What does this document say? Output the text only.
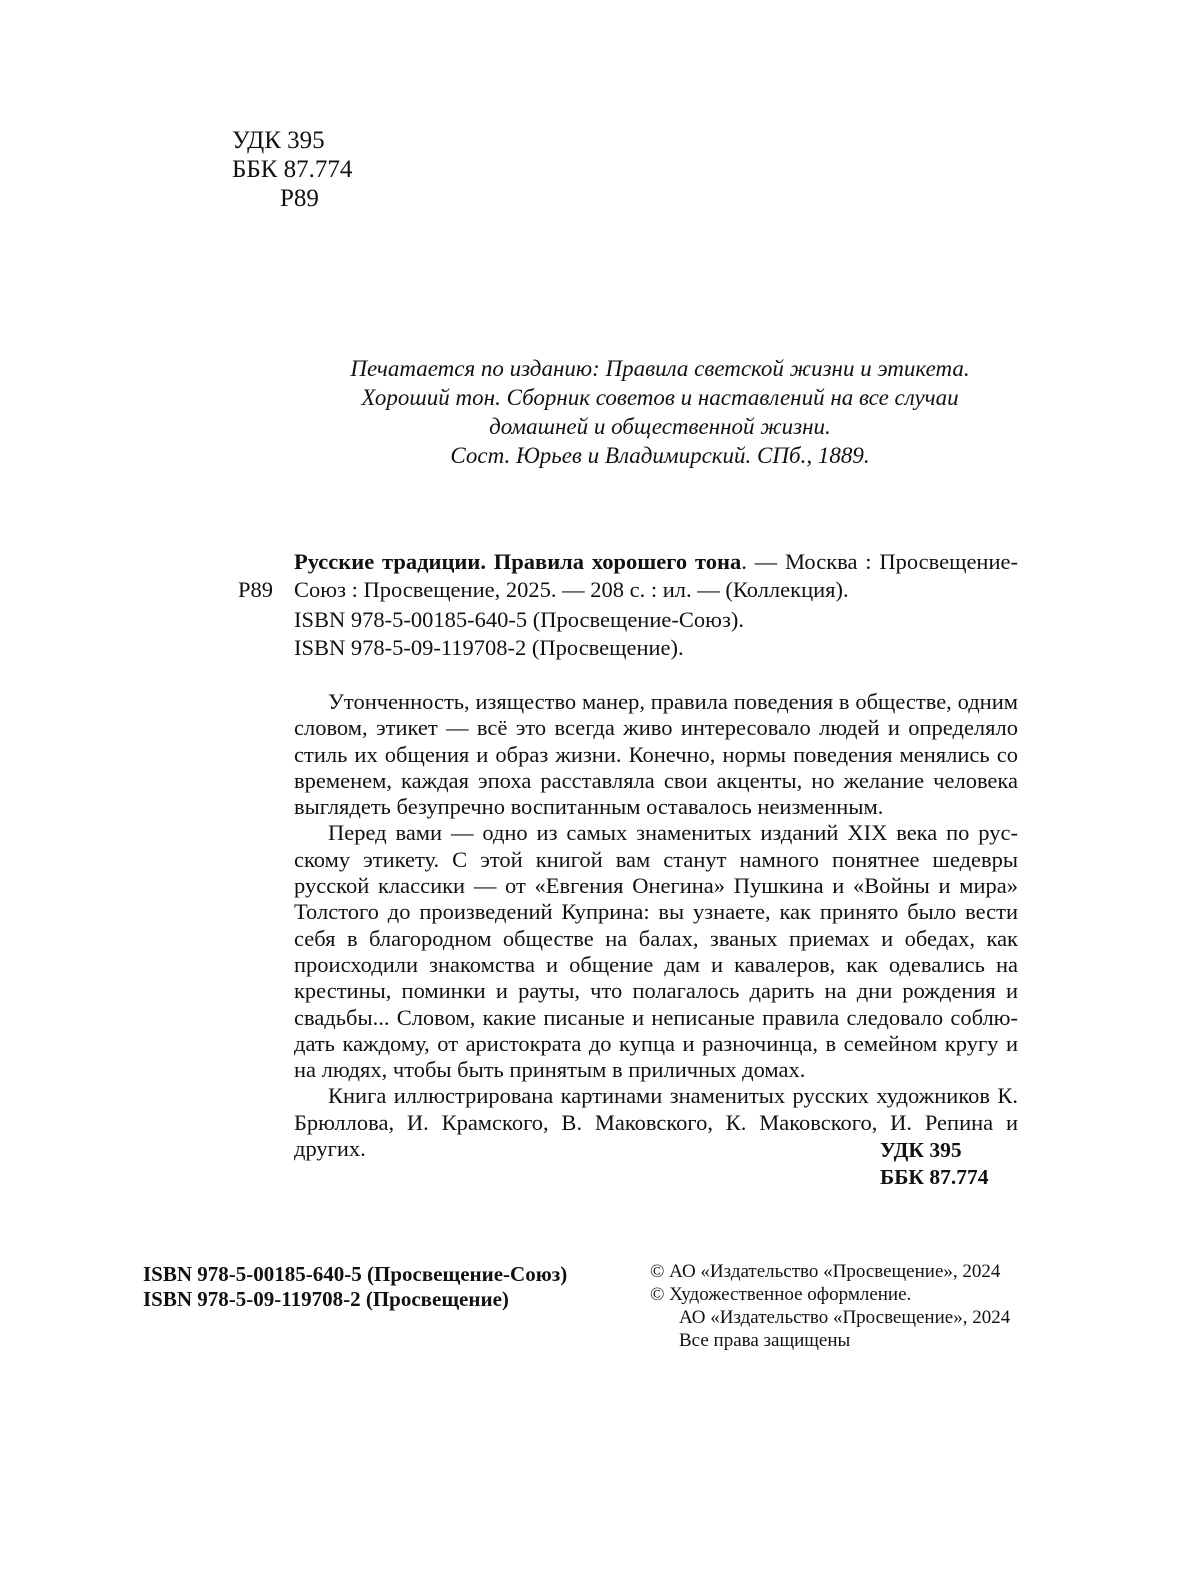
УДК 395
ББК 87.774
Р89
Печатается по изданию: Правила светской жизни и этикета.
Хороший тон. Сборник советов и наставлений на все случаи
домашней и общественной жизни.
Сост. Юрьев и Владимирский. СПб., 1889.
Р89

Русские традиции. Правила хорошего тона. — Москва : Просвещение-Союз : Просвещение, 2025. — 208 с. : ил. — (Коллекция).

ISBN 978-5-00185-640-5 (Просвещение-Союз).

ISBN 978-5-09-119708-2 (Просвещение).

Утонченность, изящество манер, правила поведения в обществе, одним словом, этикет — всё это всегда живо интересовало людей и определяло стиль их общения и образ жизни. Конечно, нормы поведения менялись со временем, каждая эпоха расставляла свои акценты, но желание человека выглядеть безупречно воспитанным оставалось неизменным.

Перед вами — одно из самых знаменитых изданий XIX века по русскому этикету. С этой книгой вам станут намного понятнее шедевры русской классики — от «Евгения Онегина» Пушкина и «Войны и мира» Толстого до произведений Куприна: вы узнаете, как принято было вести себя в благородном обществе на балах, званых приемах и обедах, как происходили знакомства и общение дам и кавалеров, как одевались на крестины, поминки и рауты, что полагалось дарить на дни рождения и свадьбы... Словом, какие писаные и неписаные правила следовало соблюдать каждому, от аристократа до купца и разночинца, в семейном кругу и на людях, чтобы быть принятым в приличных домах.

Книга иллюстрирована картинами знаменитых русских художников К. Брюллова, И. Крамского, В. Маковского, К. Маковского, И. Репина и других.	УДК 395
ББК 87.774
ISBN 978-5-00185-640-5 (Просвещение-Союз)
ISBN 978-5-09-119708-2 (Просвещение)
© АО «Издательство «Просвещение», 2024
© Художественное оформление.
АО «Издательство «Просвещение», 2024
Все права защищены
